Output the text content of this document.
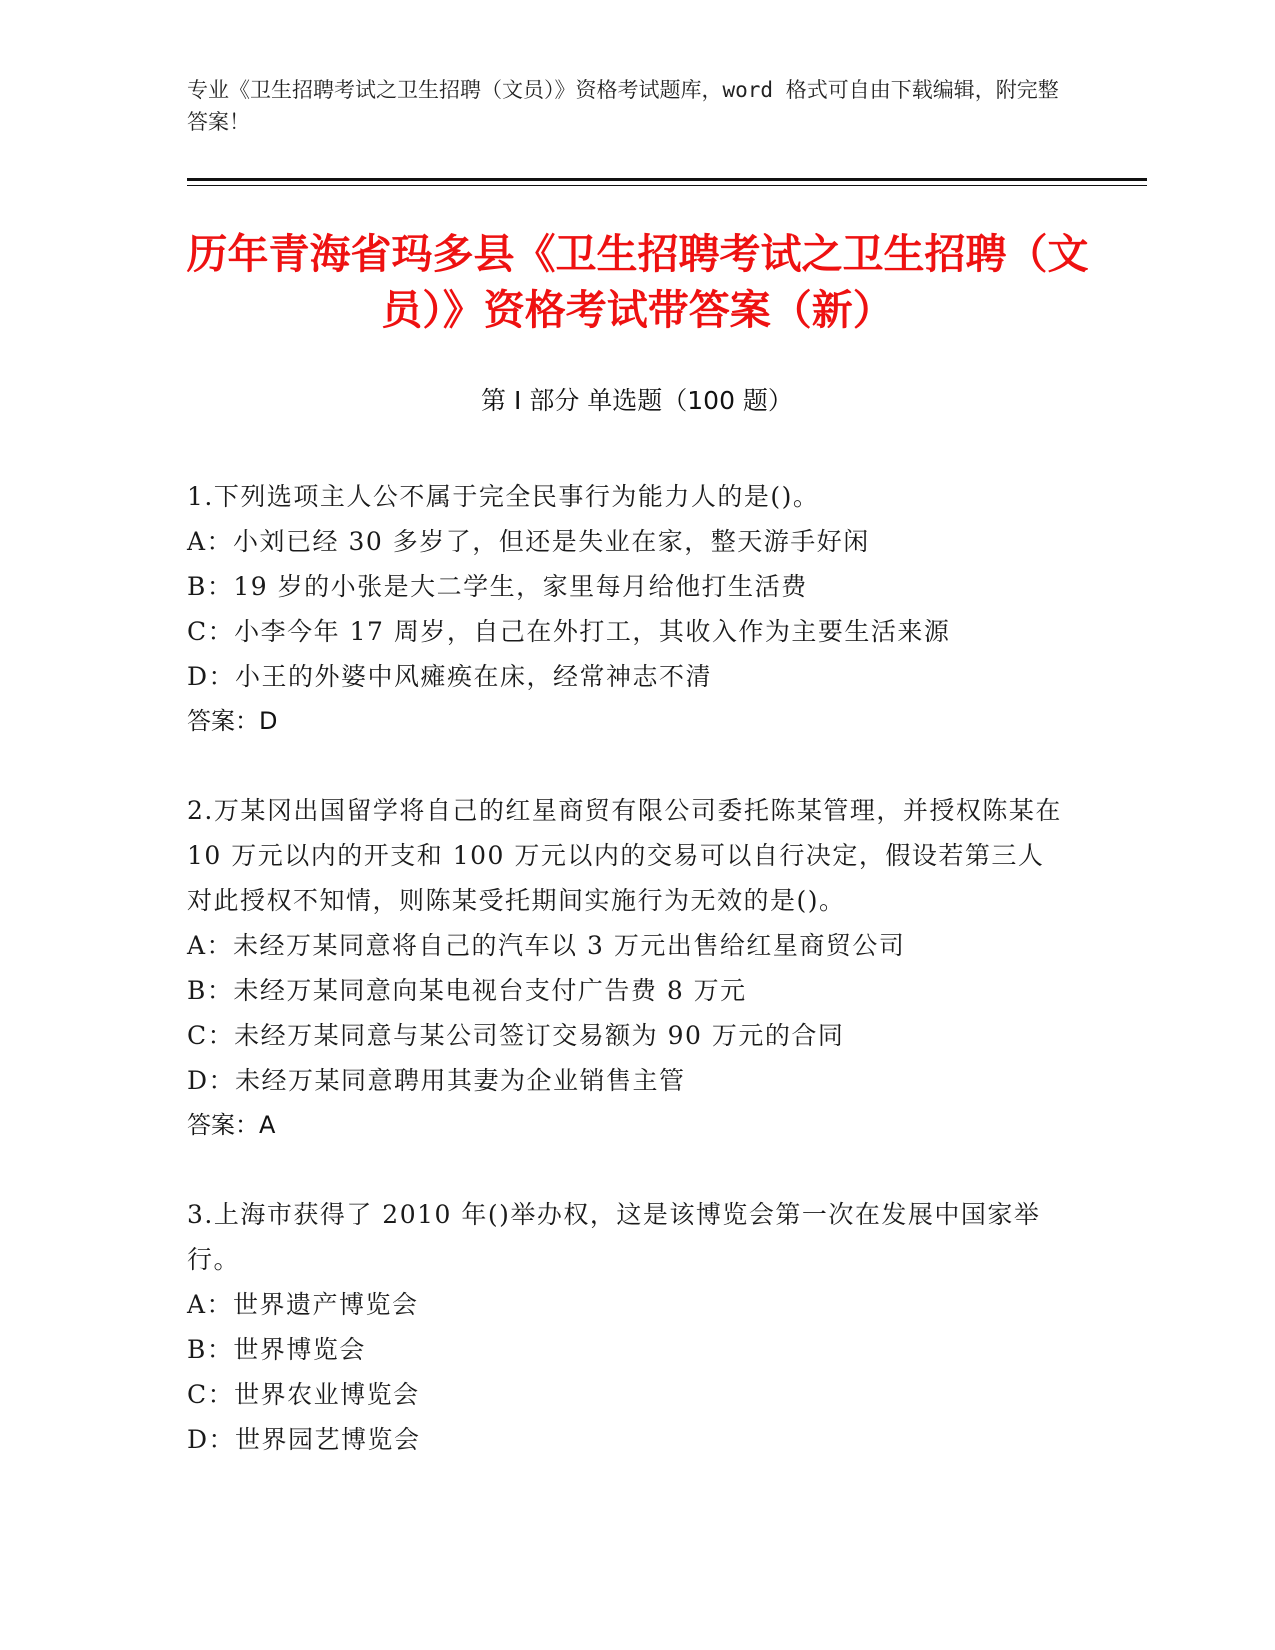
专业《卫生招聘考试之卫生招聘（文员）》资格考试题库，word 格式可自由下载编辑，附完整答案！
历年青海省玛多县《卫生招聘考试之卫生招聘（文员）》资格考试带答案（新）
第 I 部分 单选题（100 题）
1.下列选项主人公不属于完全民事行为能力人的是()。
A：小刘已经 30 多岁了，但还是失业在家，整天游手好闲
B：19 岁的小张是大二学生，家里每月给他打生活费
C：小李今年 17 周岁，自己在外打工，其收入作为主要生活来源
D：小王的外婆中风瘫痪在床，经常神志不清
答案：D
2.万某冈出国留学将自己的红星商贸有限公司委托陈某管理，并授权陈某在 10 万元以内的开支和 100 万元以内的交易可以自行决定，假设若第三人对此授权不知情，则陈某受托期间实施行为无效的是()。
A：未经万某同意将自己的汽车以 3 万元出售给红星商贸公司
B：未经万某同意向某电视台支付广告费 8 万元
C：未经万某同意与某公司签订交易额为 90 万元的合同
D：未经万某同意聘用其妻为企业销售主管
答案：A
3.上海市获得了 2010 年()举办权，这是该博览会第一次在发展中国家举行。
A：世界遗产博览会
B：世界博览会
C：世界农业博览会
D：世界园艺博览会
